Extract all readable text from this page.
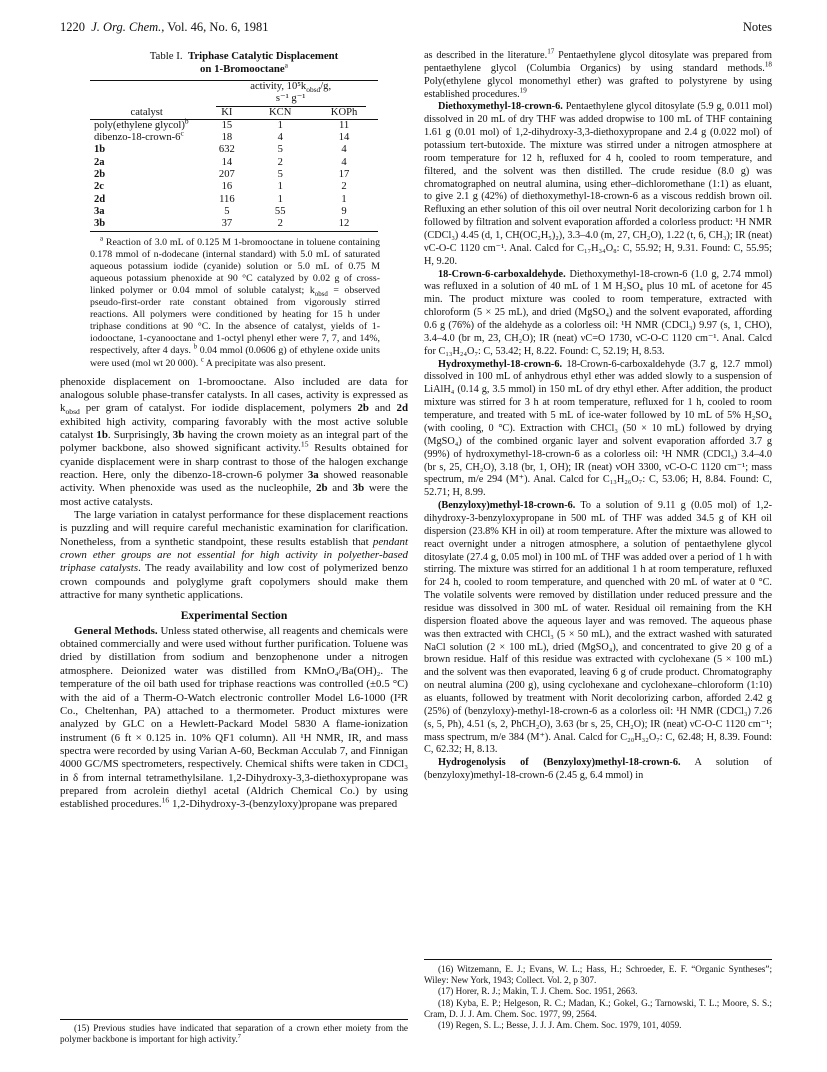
1220 J. Org. Chem., Vol. 46, No. 6, 1981	Notes
Table I. Triphase Catalytic Displacement
on 1-Bromooctane$^a$
	activity, $10^5k_{obsd}/g$,
s⁻¹ g⁻¹		
catalyst	KI	KCN	KOPh
poly(ethylene glycol)$^b$	15	1	11
dibenzo-18-crown-6$^c$	18	4	14
1b	632	5	4
2a	14	2	4
2b	207	5	17
2c	16	1	2
2d	116	1	1
3a	5	55	9
3b	37	2	12

$^a$ Reaction of 3.0 mL of 0.125 M 1-bromooctane in toluene containing 0.178 mmol of n-dodecane (internal standard) with 5.0 mL of saturated aqueous potassium iodide (cyanide) solution or 5.0 mL of 0.75 M aqueous potassium phenoxide at 90 °C catalyzed by 0.02 g of cross-linked polymer or 0.04 mmol of soluble catalyst; $k_{obsd}$ = observed pseudo-first-order rate constant obtained from vigorously stirred reactions. All polymers were conditioned by heating for 15 h under triphase conditions at 90 °C. In the absence of catalyst, yields of 1-iodooctane, 1-cyanooctane and 1-octyl phenyl ether were 7, 7, and 14%, respectively, after 4 days. $^b$ 0.04 mmol (0.0606 g) of ethylene oxide units were used (mol wt 20 000). $^c$ A precipitate was also present.

phenoxide displacement on 1-bromooctane. Also included are data for analogous soluble phase-transfer catalysts. In all cases, activity is expressed as $k_{obsd}$ per gram of catalyst. For iodide displacement, polymers 2b and 2d exhibited high activity, comparing favorably with the most active soluble catalyst 1b. Surprisingly, 3b having the crown moiety as an integral part of the polymer backbone, also showed significant activity.$^{15}$ Results obtained for cyanide displacement were in sharp contrast to those of the halogen exchange reaction. Here, only the dibenzo-18-crown-6 polymer 3a showed reasonable activity. When phenoxide was used as the nucleophile, 2b and 3b were the most active catalysts.

The large variation in catalyst performance for these displacement reactions is puzzling and will require careful mechanistic examination for clarification. Nonetheless, from a synthetic standpoint, these results establish that pendant crown ether groups are not essential for high activity in polyether-based triphase catalysts. The ready availability and low cost of polymerized benzo crown compounds and polyglyme graft copolymers should make them attractive for many synthetic applications.

Experimental Section

General Methods. Unless stated otherwise, all reagents and chemicals were obtained commercially and were used without further purification. Toluene was dried by distillation from sodium and benzophenone under a nitrogen atmosphere. Deionized water was distilled from KMnO₄/Ba(OH)₂. The temperature of the oil bath used for triphase reactions was controlled (±0.5 °C) with the aid of a Therm-O-Watch electronic controller Model L6-1000 (I²R Co., Cheltenhan, PA) attached to a thermometer. Product mixtures were analyzed by GLC on a Hewlett-Packard Model 5830 A flame-ionization instrument (6 ft × 0.125 in. 10% QF1 column). All ¹H NMR, IR, and mass spectra were recorded by using Varian A-60, Beckman Acculab 7, and Finnigan 4000 GC/MS spectrometers, respectively. Chemical shifts were taken in CDCl₃ in δ from internal tetramethylsilane. 1,2-Dihydroxy-3,3-diethoxypropane was prepared from acrolein diethyl acetal (Aldrich Chemical Co.) by using established procedures.$^{16}$ 1,2-Dihydroxy-3-(benzyloxy)propane was prepared

(15) Previous studies have indicated that separation of a crown ether moiety from the polymer backbone is important for high activity.$^7$

as described in the literature.$^{17}$ Pentaethylene glycol ditosylate was prepared from pentaethylene glycol (Columbia Organics) by using standard methods.$^{18}$ Poly(ethylene glycol monomethyl ether) was grafted to polystyrene by using established procedures.$^{19}$

Diethoxymethyl-18-crown-6. Pentaethylene glycol ditosylate (5.9 g, 0.011 mol) dissolved in 20 mL of dry THF was added dropwise to 100 mL of THF containing 1.61 g (0.01 mol) of 1,2-dihydroxy-3,3-diethoxypropane and 2.4 g (0.022 mol) of potassium tert-butoxide. The mixture was stirred under a nitrogen atmosphere at room temperature for 12 h, refluxed for 4 h, cooled to room temperature, and filtered, and the solvent was then distilled. The crude residue (8.0 g) was chromatographed on neutral alumina, using ether–dichloromethane (1:1) as eluant, to give 2.1 g (42%) of diethoxymethyl-18-crown-6 as a viscous reddish brown oil. Refluxing an ether solution of this oil over neutral Norit decolorizing carbon for 1 h followed by filtration and solvent evaporation afforded a colorless product: ¹H NMR (CDCl₃) 4.45 (d, 1, CH(OC₂H₅)₂), 3.3–4.0 (m, 27, CH₂O), 1.22 (t, 6, CH₃); IR (neat) νC-O-C 1120 cm⁻¹. Anal. Calcd for C₁₇H₃₄O₈: C, 55.92; H, 9.31. Found: C, 55.95; H, 9.20.

18-Crown-6-carboxaldehyde. Diethoxymethyl-18-crown-6 (1.0 g, 2.74 mmol) was refluxed in a solution of 40 mL of 1 M H₂SO₄ plus 10 mL of acetone for 45 min. The product mixture was cooled to room temperature, extracted with chloroform (5 × 25 mL), and dried (MgSO₄) and the solvent evaporated, affording 0.6 g (76%) of the aldehyde as a colorless oil: ¹H NMR (CDCl₃) 9.97 (s, 1, CHO), 3.4–4.0 (br m, 23, CH₂O); IR (neat) νC=O 1730, νC-O-C 1120 cm⁻¹. Anal. Calcd for C₁₃H₂₄O₇: C, 53.42; H, 8.22. Found: C, 52.19; H, 8.53.

Hydroxymethyl-18-crown-6. 18-Crown-6-carboxaldehyde (3.7 g, 12.7 mmol) dissolved in 100 mL of anhydrous ethyl ether was added slowly to a suspension of LiAlH₄ (0.14 g, 3.5 mmol) in 150 mL of dry ethyl ether. After addition, the product mixture was stirred for 3 h at room temperature, refluxed for 1 h, cooled to room temperature, and treated with 5 mL of ice-water followed by 10 mL of 5% H₂SO₄ (with cooling, 0 °C). Extraction with CHCl₃ (50 × 10 mL) followed by drying (MgSO₄) of the combined organic layer and solvent evaporation afforded 3.7 g (99%) of hydroxymethyl-18-crown-6 as a colorless oil: ¹H NMR (CDCl₃) 3.4–4.0 (br s, 25, CH₂O), 3.18 (br, 1, OH); IR (neat) νOH 3300, νC-O-C 1120 cm⁻¹; mass spectrum, m/e 294 (M⁺). Anal. Calcd for C₁₃H₂₆O₇: C, 53.06; H, 8.84. Found: C, 52.71; H, 8.99.

(Benzyloxy)methyl-18-crown-6. To a solution of 9.11 g (0.05 mol) of 1,2-dihydroxy-3-benzyloxypropane in 500 mL of THF was added 34.5 g of KH oil dispersion (23.8% KH in oil) at room temperature. After the mixture was allowed to react overnight under a nitrogen atmosphere, a solution of pentaethylene glycol ditosylate (27.4 g, 0.05 mol) in 100 mL of THF was added over a period of 1 h with stirring. The mixture was stirred for an additional 1 h at room temperature, refluxed for 24 h, cooled to room temperature, and quenched with 20 mL of water at 0 °C. The volatile solvents were removed by distillation under reduced pressure and the residue was dissolved in 300 mL of water. Residual oil remaining from the KH dispersion floated above the aqueous layer and was removed. The aqueous phase was then extracted with CHCl₃ (5 × 50 mL), and the extract washed with saturated NaCl solution (2 × 100 mL), dried (MgSO₄), and concentrated to give 20 g of a brown residue. Half of this residue was extracted with cyclohexane (5 × 100 mL) and the solvent was then evaporated, leaving 6 g of crude product. Chromatography on neutral alumina (200 g), using cyclohexane and cyclohexane–chloroform (1:10) as eluants, followed by treatment with Norit decolorizing carbon, afforded 2.42 g (25%) of (benzyloxy)-methyl-18-crown-6 as a colorless oil: ¹H NMR (CDCl₃) 7.26 (s, 5, Ph), 4.51 (s, 2, PhCH₂O), 3.63 (br s, 25, CH₂O); IR (neat) νC-O-C 1120 cm⁻¹; mass spectrum, m/e 384 (M⁺). Anal. Calcd for C₂₀H₃₂O₇: C, 62.48; H, 8.39. Found: C, 62.32; H, 8.13.

Hydrogenolysis of (Benzyloxy)methyl-18-crown-6. A solution of (benzyloxy)methyl-18-crown-6 (2.45 g, 6.4 mmol) in

(16) Witzemann, E. J.; Evans, W. L.; Hass, H.; Schroeder, E. F. “Organic Syntheses”; Wiley: New York, 1943; Collect. Vol. 2, p 307.

(17) Horer, R. J.; Makin, T. J. Chem. Soc. 1951, 2663.

(18) Kyba, E. P.; Helgeson, R. C.; Madan, K.; Gokel, G.; Tarnowski, T. L.; Moore, S. S.; Cram, D. J. J. Am. Chem. Soc. 1977, 99, 2564.

(19) Regen, S. L.; Besse, J. J. J. Am. Chem. Soc. 1979, 101, 4059.
